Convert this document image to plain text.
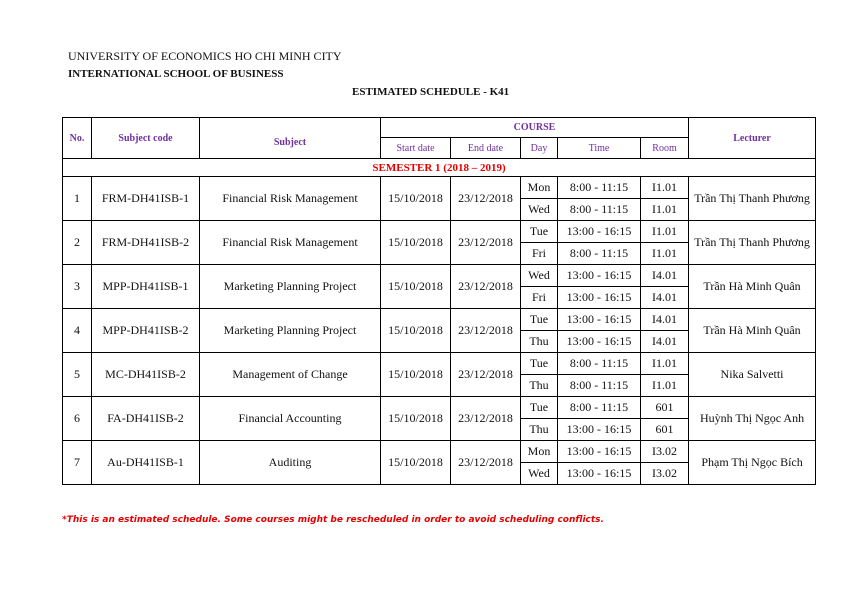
UNIVERSITY OF ECONOMICS HO CHI MINH CITY
INTERNATIONAL SCHOOL OF BUSINESS
ESTIMATED SCHEDULE - K41
No.	Subject code	Subject	COURSE					Lecturer
			Start date	End date	Day	Time	Room	
SEMESTER 1 (2018 – 2019)								
1	FRM-DH41ISB-1	Financial Risk Management	15/10/2018	23/12/2018	Mon	8:00 - 11:15	I1.01	Trần Thị Thanh Phương
					Wed	8:00 - 11:15	I1.01	
2	FRM-DH41ISB-2	Financial Risk Management	15/10/2018	23/12/2018	Tue	13:00 - 16:15	I1.01	Trần Thị Thanh Phương
					Fri	8:00 - 11:15	I1.01	
3	MPP-DH41ISB-1	Marketing Planning Project	15/10/2018	23/12/2018	Wed	13:00 - 16:15	I4.01	Trần Hà Minh Quân
					Fri	13:00 - 16:15	I4.01	
4	MPP-DH41ISB-2	Marketing Planning Project	15/10/2018	23/12/2018	Tue	13:00 - 16:15	I4.01	Trần Hà Minh Quân
					Thu	13:00 - 16:15	I4.01	
5	MC-DH41ISB-2	Management of Change	15/10/2018	23/12/2018	Tue	8:00 - 11:15	I1.01	Nika Salvetti
					Thu	8:00 - 11:15	I1.01	
6	FA-DH41ISB-2	Financial Accounting	15/10/2018	23/12/2018	Tue	8:00 - 11:15	601	Huỳnh Thị Ngọc Anh
					Thu	13:00 - 16:15	601	
7	Au-DH41ISB-1	Auditing	15/10/2018	23/12/2018	Mon	13:00 - 16:15	I3.02	Phạm Thị Ngọc Bích
					Wed	13:00 - 16:15	I3.02	
*This is an estimated schedule. Some courses might be rescheduled in order to avoid scheduling conflicts.
